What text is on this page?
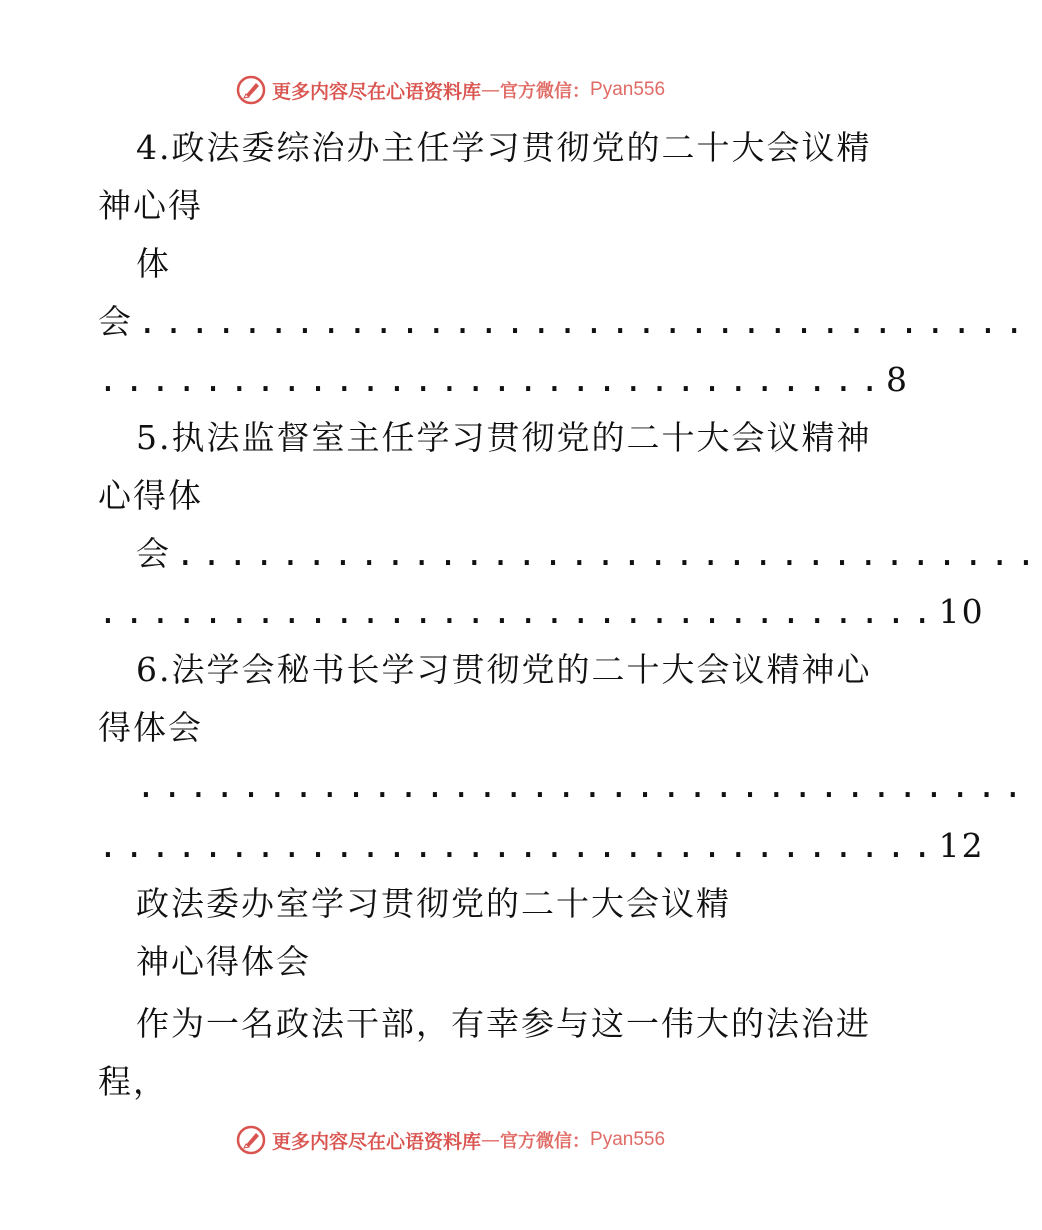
更多内容尽在心语资料库 — 官方微信： Pyan556
4.政法委综治办主任学习贯彻党的二十大会议精
神心得
体
会..................................
..............................8
5.执法监督室主任学习贯彻党的二十大会议精神
心得体
会.................................
................................10
6.法学会秘书长学习贯彻党的二十大会议精神心
得体会
..................................
................................12
政法委办室学习贯彻党的二十大会议精
神心得体会
作为一名政法干部，有幸参与这一伟大的法治进
程，
更多内容尽在心语资料库 — 官方微信： Pyan556
